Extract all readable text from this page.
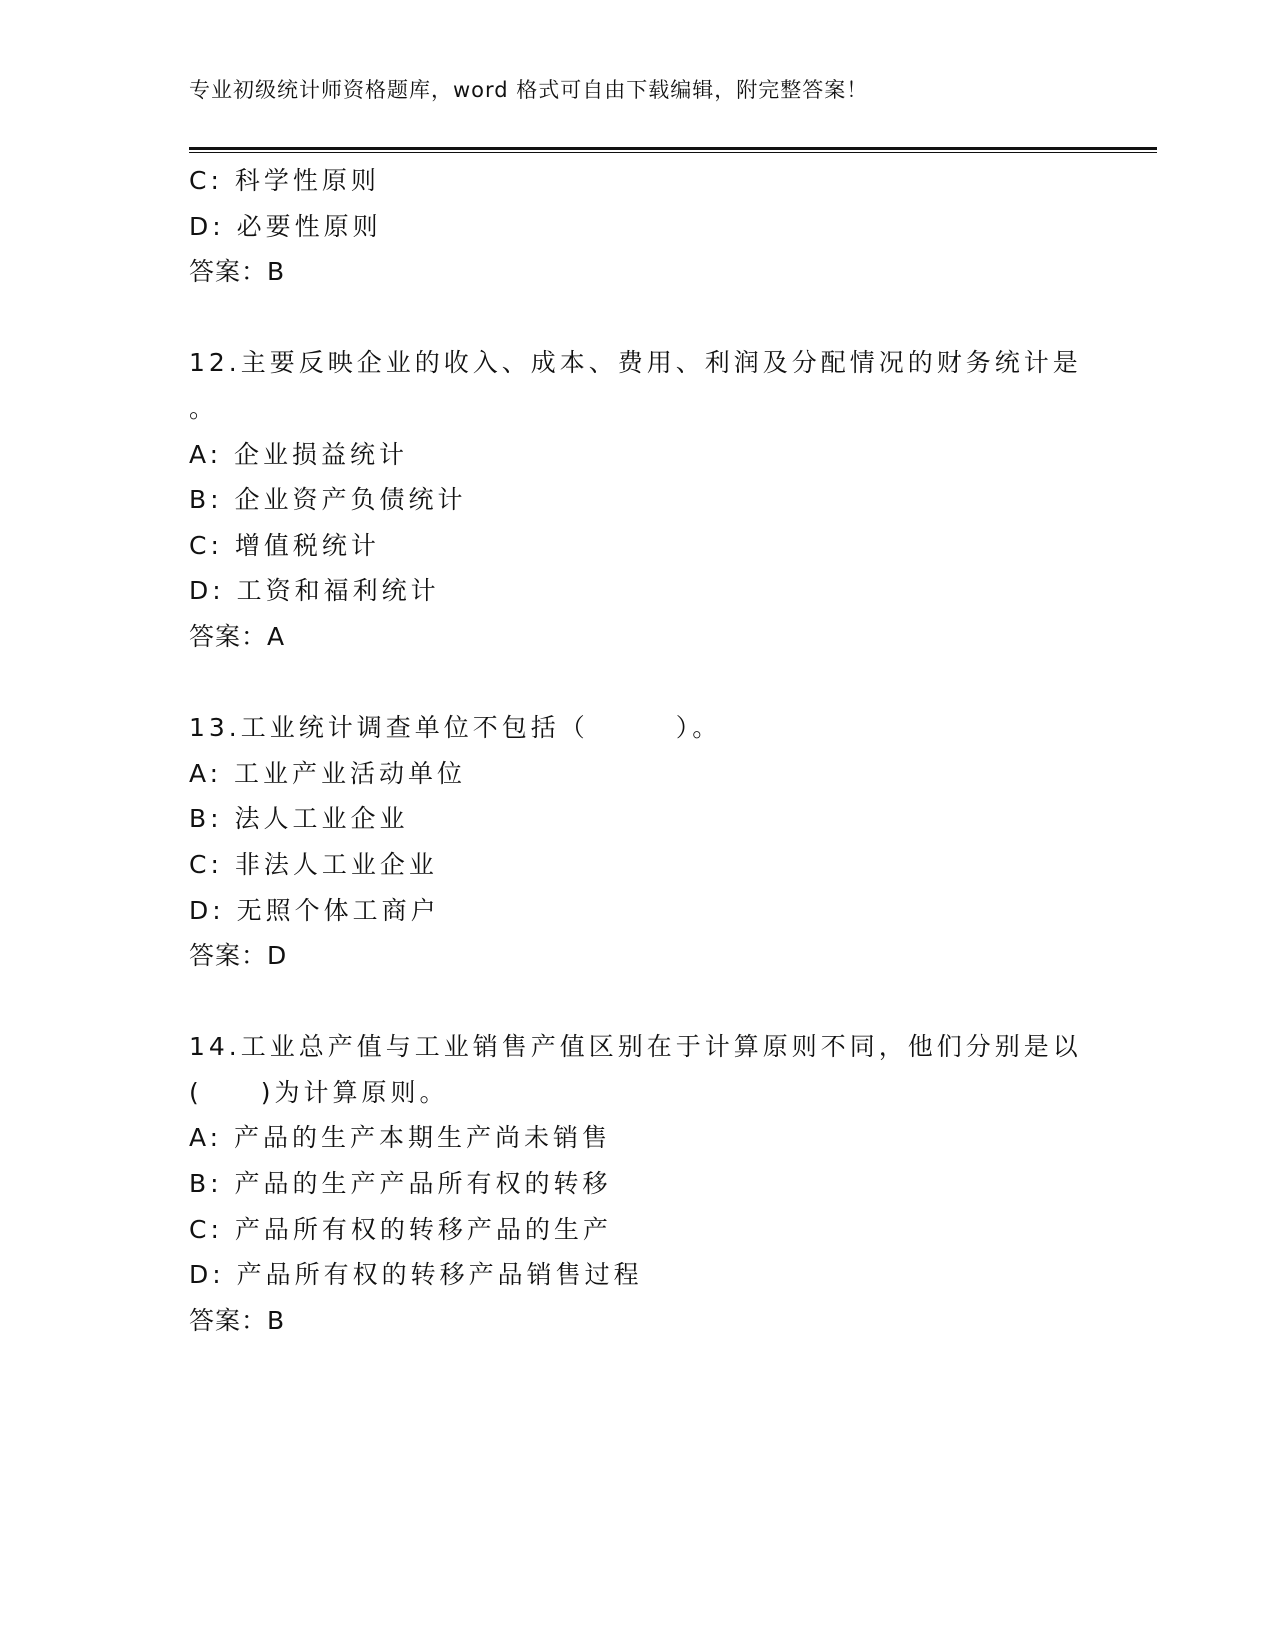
专业初级统计师资格题库，word 格式可自由下载编辑，附完整答案！
C: 科学性原则
D: 必要性原则
答案：B
12.主要反映企业的收入、成本、费用、利润及分配情况的财务统计是
。
A: 企业损益统计
B: 企业资产负债统计
C: 增值税统计
D: 工资和福利统计
答案：A
13.工业统计调查单位不包括（　　　）。
A: 工业产业活动单位
B: 法人工业企业
C: 非法人工业企业
D: 无照个体工商户
答案：D
14.工业总产值与工业销售产值区别在于计算原则不同，他们分别是以
(　　)为计算原则。
A: 产品的生产本期生产尚未销售
B: 产品的生产产品所有权的转移
C: 产品所有权的转移产品的生产
D: 产品所有权的转移产品销售过程
答案：B
